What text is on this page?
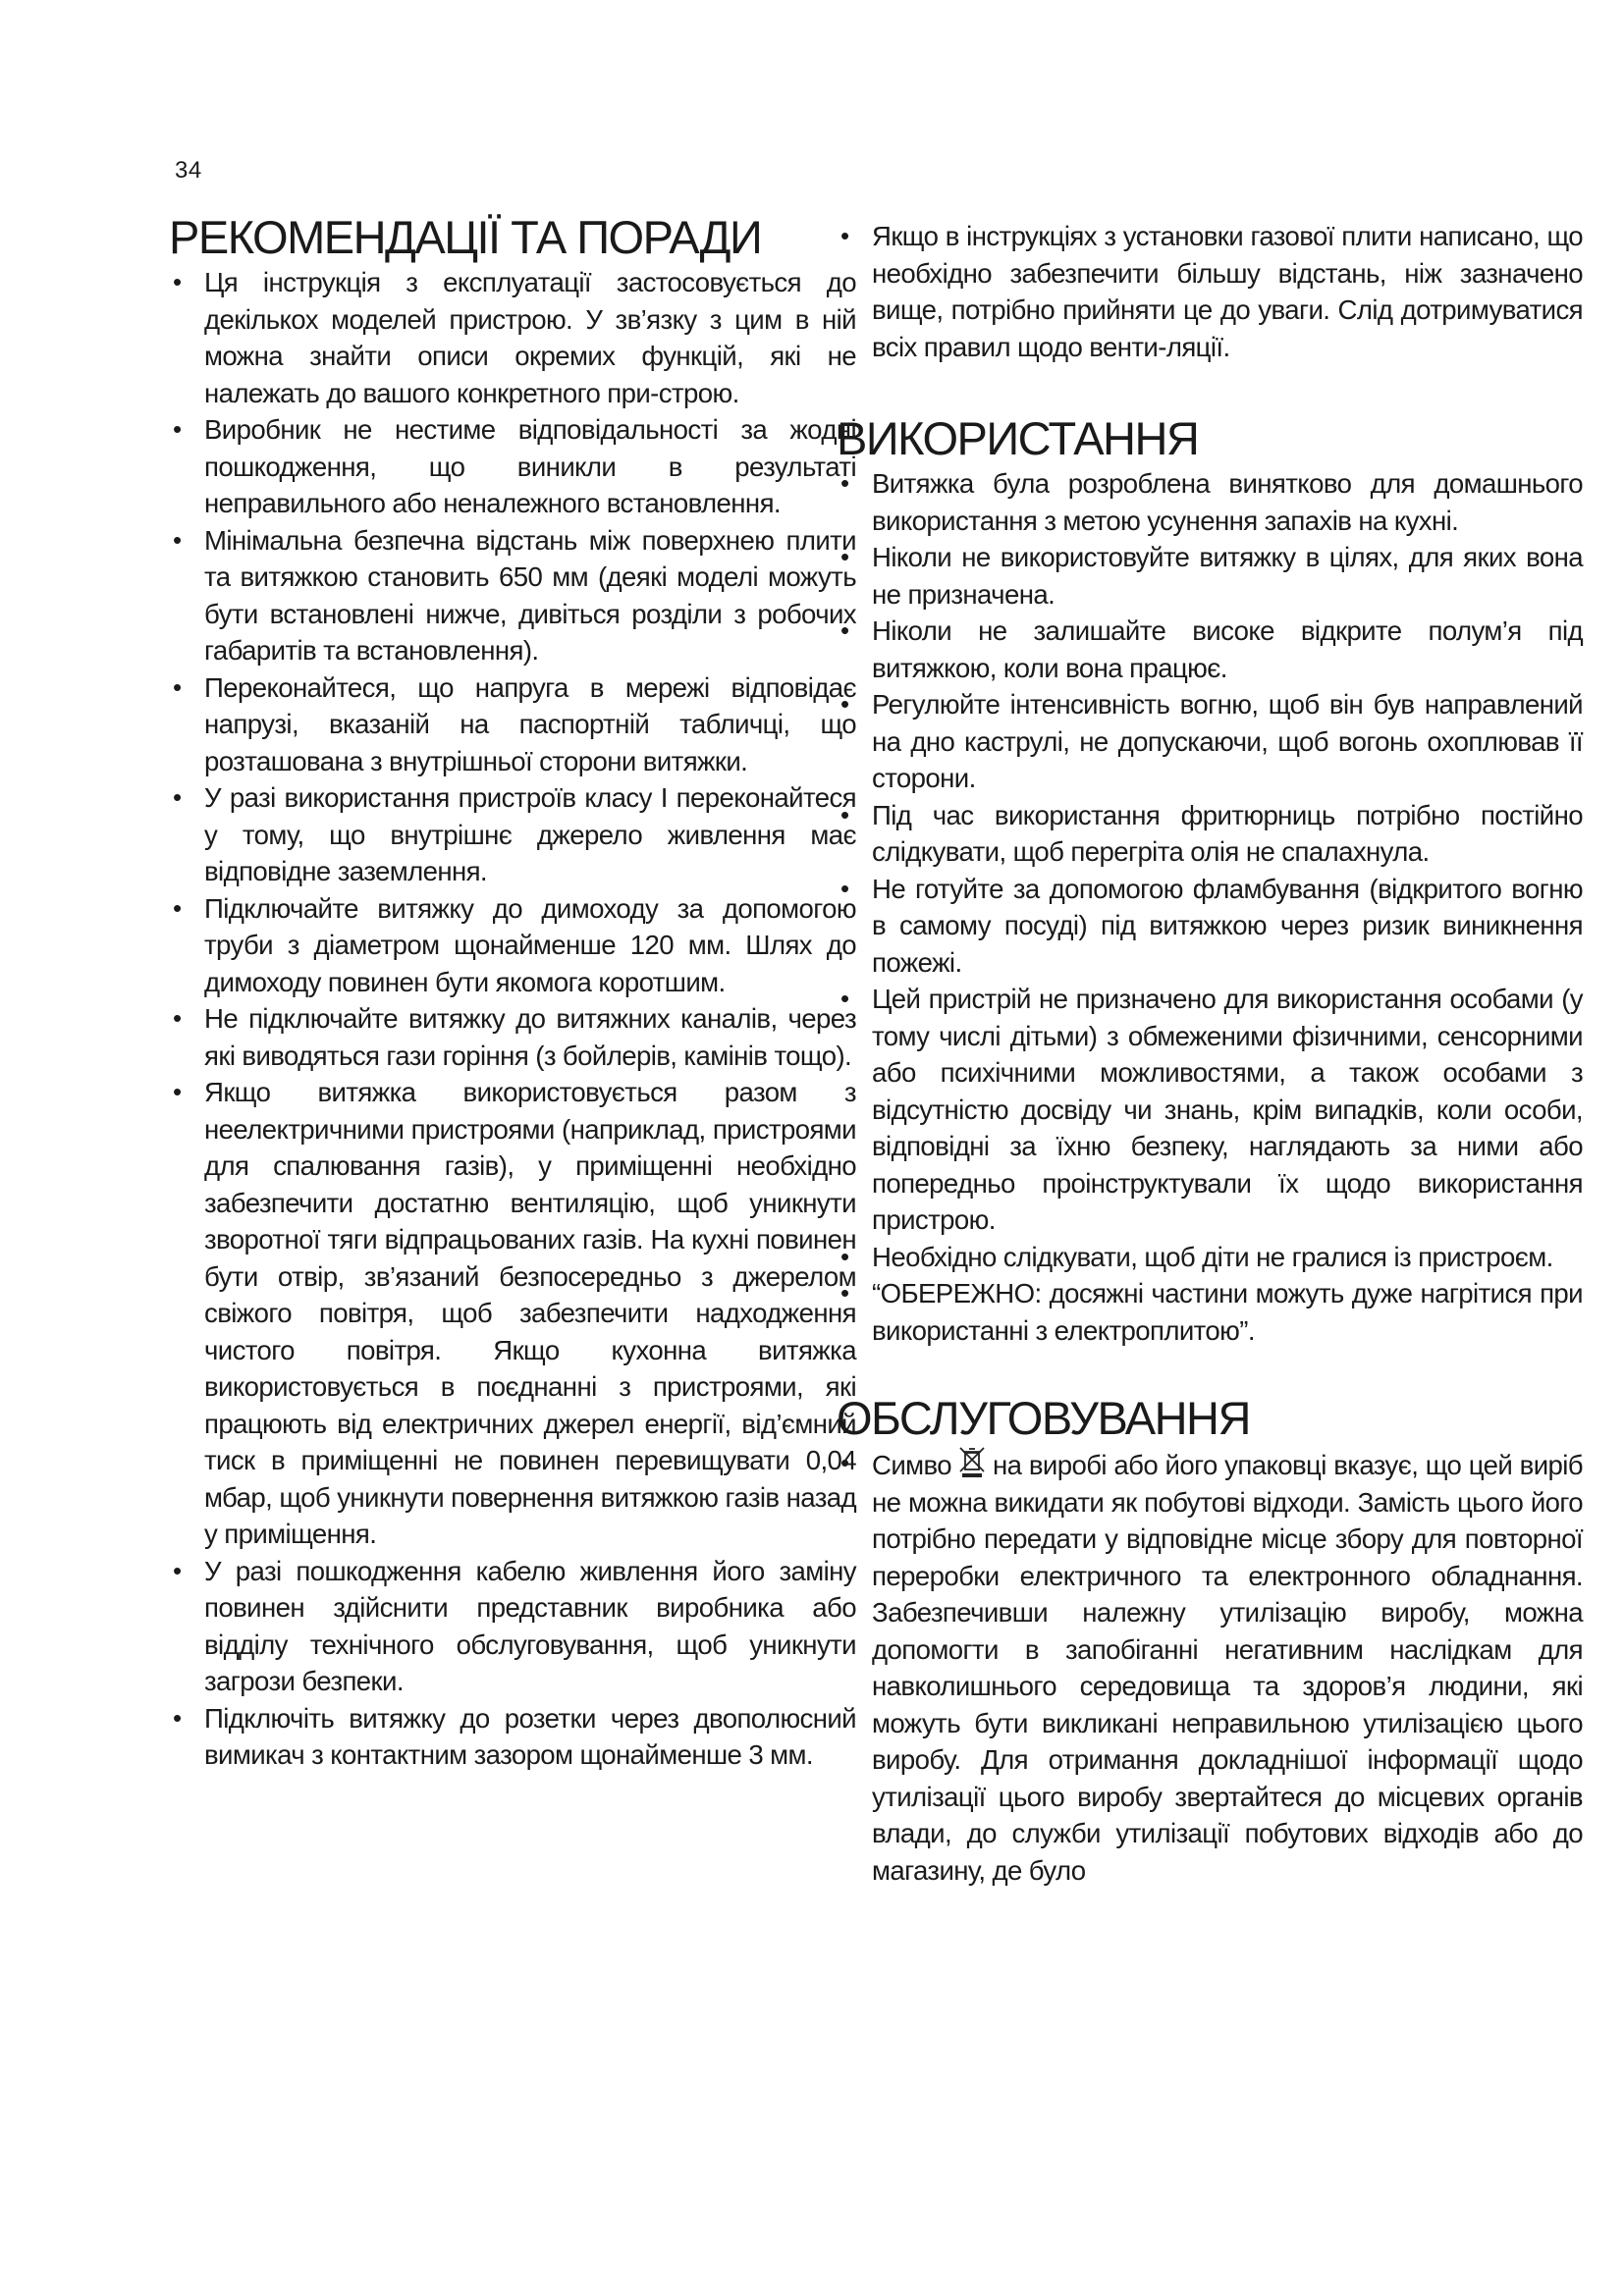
34
РЕКОМЕНДАЦІЇ ТА ПОРАДИ
• Ця інструкція з експлуатації застосовується до декількох моделей пристрою. У зв’язку з цим в ній можна знайти описи окремих функцій, які не належать до вашого конкретного при-строю.
• Виробник не нестиме відповідальності за жодні пошкодження, що виникли в результаті неправильного або неналежного встановлення.
• Мінімальна безпечна відстань між поверхнею плити та витяжкою становить 650 мм (деякі моделі можуть бути встановлені нижче, дивіться розділи з робочих габаритів та встановлення).
• Переконайтеся, що напруга в мережі відповідає напрузі, вказаній на паспортній табличці, що розташована з внутрішньої сторони витяжки.
• У разі використання пристроїв класу I переконайтеся у тому, що внутрішнє джерело живлення має відповідне заземлення.
• Підключайте витяжку до димоходу за допомогою труби з діаметром щонайменше 120 мм. Шлях до димоходу повинен бути якомога коротшим.
• Не підключайте витяжку до витяжних каналів, через які виводяться гази горіння (з бойлерів, камінів тощо).
• Якщо витяжка використовується разом з неелектричними пристроями (наприклад, пристроями для спалювання газів), у приміщенні необхідно забезпечити достатню вентиляцію, щоб уникнути зворотної тяги відпрацьованих газів. На кухні повинен бути отвір, зв’язаний безпосередньо з джерелом свіжого повітря, щоб забезпечити надходження чистого повітря. Якщо кухонна витяжка використовується в поєднанні з пристроями, які працюють від електричних джерел енергії, від’ємний тиск в приміщенні не повинен перевищувати 0,04 мбар, щоб уникнути повернення витяжкою газів назад у приміщення.
• У разі пошкодження кабелю живлення його заміну повинен здійснити представник виробника або відділу технічного обслуговування, щоб уникнути загрози безпеки.
• Підключіть витяжку до розетки через двополюсний вимикач з контактним зазором щонайменше 3 мм.
• Якщо в інструкціях з установки газової плити написано, що необхідно забезпечити більшу відстань, ніж зазначено вище, потрібно прийняти це до уваги. Слід дотримуватися всіх правил щодо венти-ляції.
ВИКОРИСТАННЯ
• Витяжка була розроблена винятково для домашнього використання з метою усунення запахів на кухні.
• Ніколи не використовуйте витяжку в цілях, для яких вона не призначена.
• Ніколи не залишайте високе відкрите полум’я під витяжкою, коли вона працює.
• Регулюйте інтенсивність вогню, щоб він був направлений на дно каструлі, не допускаючи, щоб вогонь охоплював її сторони.
• Під час використання фритюрниць потрібно постійно слідкувати, щоб перегріта олія не спалахнула.
• Не готуйте за допомогою фламбування (відкритого вогню в самому посуді) під витяжкою через ризик виникнення пожежі.
• Цей пристрій не призначено для використання особами (у тому числі дітьми) з обмеженими фізичними, сенсорними або психічними можливостями, а також особами з відсутністю досвіду чи знань, крім випадків, коли особи, відповідні за їхню безпеку, наглядають за ними або попередньо проінструктували їх щодо використання пристрою.
• Необхідно слідкувати, щоб діти не гралися із пристроєм.
• “ОБЕРЕЖНО: досяжні частини можуть дуже нагрітися при використанні з електроплитою”.
ОБСЛУГОВУВАННЯ
• Симво на виробі або його упаковці вказує, що цей виріб не можна викидати як побутові відходи. Замість цього його потрібно передати у відповідне місце збору для повторної переробки електричного та електронного обладнання. Забезпечивши належну утилізацію виробу, можна допомогти в запобіганні негативним наслідкам для навколишнього середовища та здоров’я людини, які можуть бути викликані неправильною утилізацією цього виробу. Для отримання докладнішої інформації щодо утилізації цього виробу звертайтеся до місцевих органів влади, до служби утилізації побутових відходів або до магазину, де було
